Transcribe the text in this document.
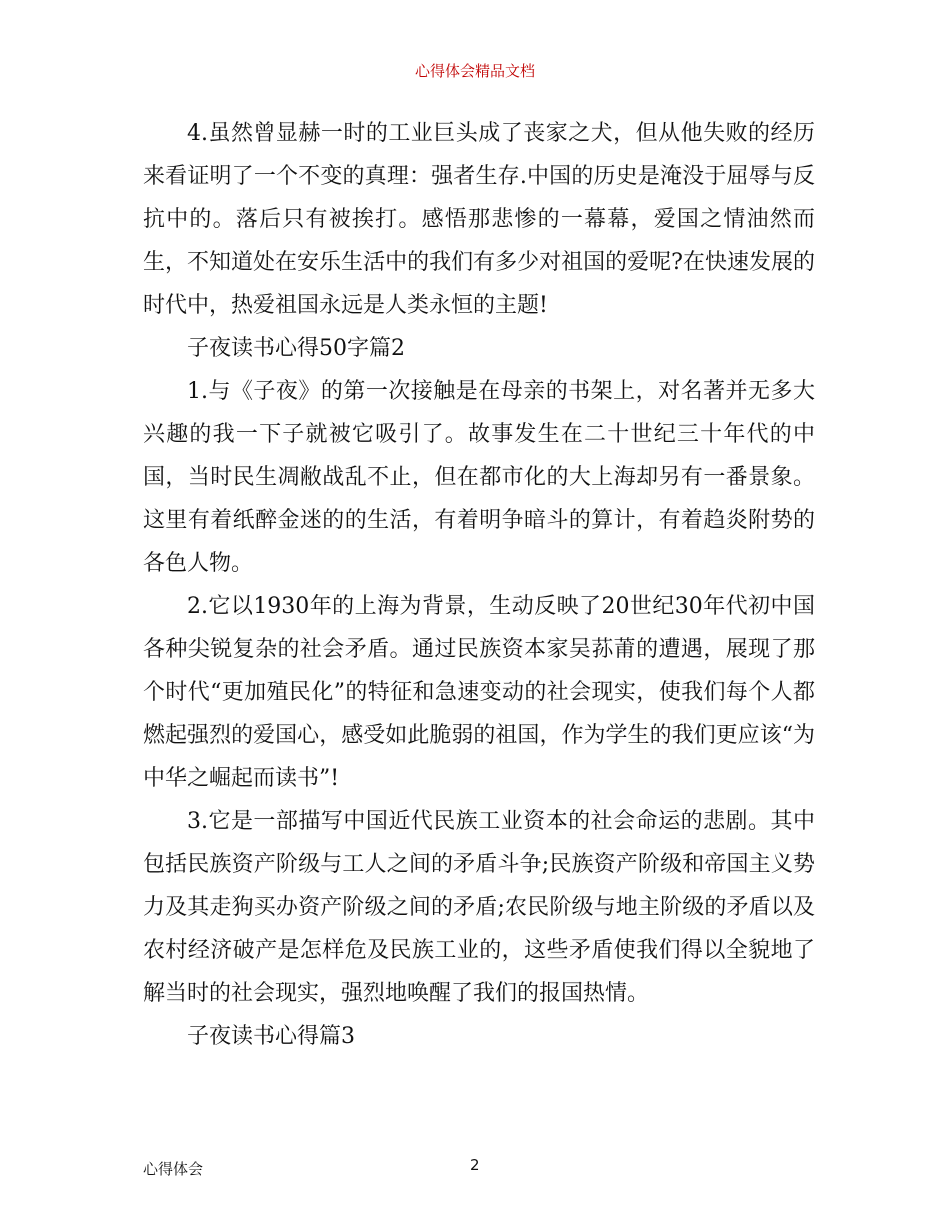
心得体会精品文档

4.虽然曾显赫一时的工业巨头成了丧家之犬，但从他失败的经历来看证明了一个不变的真理：强者生存.中国的历史是淹没于屈辱与反抗中的。落后只有被挨打。感悟那悲惨的一幕幕，爱国之情油然而生，不知道处在安乐生活中的我们有多少对祖国的爱呢?在快速发展的时代中，热爱祖国永远是人类永恒的主题!

子夜读书心得50字篇2

1.与《子夜》的第一次接触是在母亲的书架上，对名著并无多大兴趣的我一下子就被它吸引了。故事发生在二十世纪三十年代的中国，当时民生凋敝战乱不止，但在都市化的大上海却另有一番景象。这里有着纸醉金迷的的生活，有着明争暗斗的算计，有着趋炎附势的各色人物。

2.它以1930年的上海为背景，生动反映了20世纪30年代初中国各种尖锐复杂的社会矛盾。通过民族资本家吴荪莆的遭遇，展现了那个时代“更加殖民化”的特征和急速变动的社会现实，使我们每个人都燃起强烈的爱国心，感受如此脆弱的祖国，作为学生的我们更应该“为中华之崛起而读书”!

3.它是一部描写中国近代民族工业资本的社会命运的悲剧。其中包括民族资产阶级与工人之间的矛盾斗争;民族资产阶级和帝国主义势力及其走狗买办资产阶级之间的矛盾;农民阶级与地主阶级的矛盾以及农村经济破产是怎样危及民族工业的，这些矛盾使我们得以全貌地了解当时的社会现实，强烈地唤醒了我们的报国热情。

子夜读书心得篇3

心得体会	2
